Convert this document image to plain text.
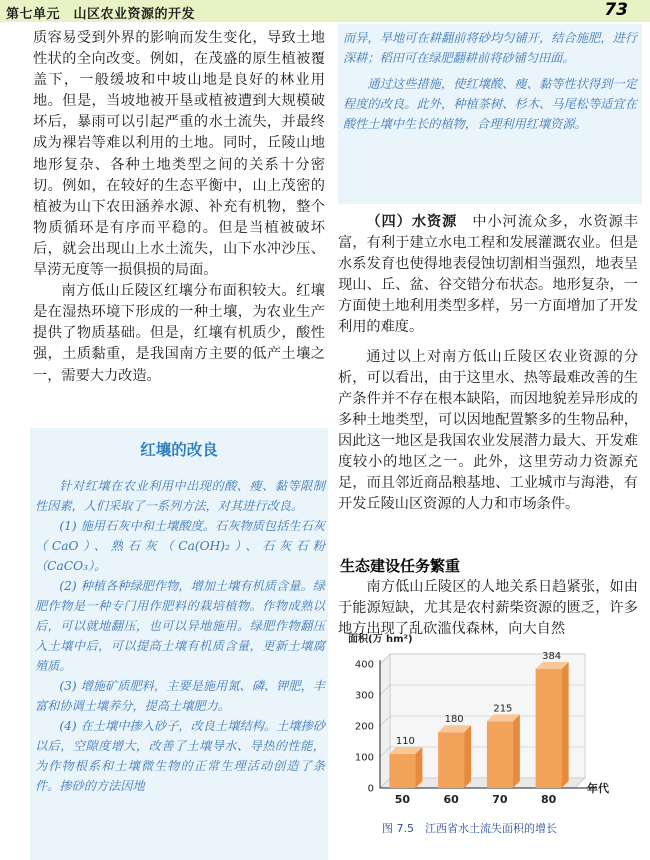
第七单元　山区农业资源的开发	73

质容易受到外界的影响而发生变化，导致土地性状的全向改变。例如，在茂盛的原生植被覆盖下，一般缓坡和中坡山地是良好的林业用地。但是，当坡地被开垦或植被遭到大规模破坏后，暴雨可以引起严重的水土流失，并最终成为裸岩等难以利用的土地。同时，丘陵山地地形复杂、各种土地类型之间的关系十分密切。例如，在较好的生态平衡中，山上茂密的植被为山下农田涵养水源、补充有机物，整个物质循环是有序而平稳的。但是当植被破坏后，就会出现山上水土流失，山下水冲沙压、旱涝无度等一损俱损的局面。

南方低山丘陵区红壤分布面积较大。红壤是在湿热环境下形成的一种土壤，为农业生产提供了物质基础。但是，红壤有机质少，酸性强，土质黏重，是我国南方主要的低产土壤之一，需要大力改造。

红壤的改良

针对红壤在农业利用中出现的酸、瘦、黏等限制性因素，人们采取了一系列方法，对其进行改良。

(1) 施用石灰中和土壤酸度。石灰物质包括生石灰（CaO）、熟石灰（Ca(OH)₂）、石灰石粉（CaCO₃）。

(2) 种植各种绿肥作物，增加土壤有机质含量。绿肥作物是一种专门用作肥料的栽培植物。作物成熟以后，可以就地翻压，也可以异地施用。绿肥作物翻压入土壤中后，可以提高土壤有机质含量，更新土壤腐殖质。

(3) 增施矿质肥料，主要是施用氮、磷、钾肥，丰富和协调土壤养分，提高土壤肥力。

(4) 在土壤中掺入砂子，改良土壤结构。土壤掺砂以后，空隙度增大，改善了土壤导水、导热的性能，为作物根系和土壤微生物的正常生理活动创造了条件。掺砂的方法因地

而异，旱地可在耕翻前将砂均匀铺开，结合施肥，进行深耕；稻田可在绿肥翻耕前将砂铺匀田面。

通过这些措施，使红壤酸、瘦、黏等性状得到一定程度的改良。此外，种植茶树、杉木、马尾松等适宜在酸性土壤中生长的植物，合理利用红壤资源。

（四）水资源　中小河流众多，水资源丰富，有利于建立水电工程和发展灌溉农业。但是水系发育也使得地表侵蚀切割相当强烈，地表呈现山、丘、盆、谷交错分布状态。地形复杂，一方面使土地利用类型多样，另一方面增加了开发利用的难度。

通过以上对南方低山丘陵区农业资源的分析，可以看出，由于这里水、热等最难改善的生产条件并不存在根本缺陷，而因地貌差异形成的多种土地类型，可以因地配置繁多的生物品种，因此这一地区是我国农业发展潜力最大、开发难度较小的地区之一。此外，这里劳动力资源充足，而且邻近商品粮基地、工业城市与海港，有开发丘陵山区资源的人力和市场条件。

生态建设任务繁重

南方低山丘陵区的人地关系日趋紧张，如由于能源短缺，尤其是农村薪柴资源的匮乏，许多地方出现了乱砍滥伐森林，向大自然

面积(万 hm²)
0
100
200
300
400
110
50
180
60
215
70
384
80
年代
图 7.5　江西省水土流失面积的增长
